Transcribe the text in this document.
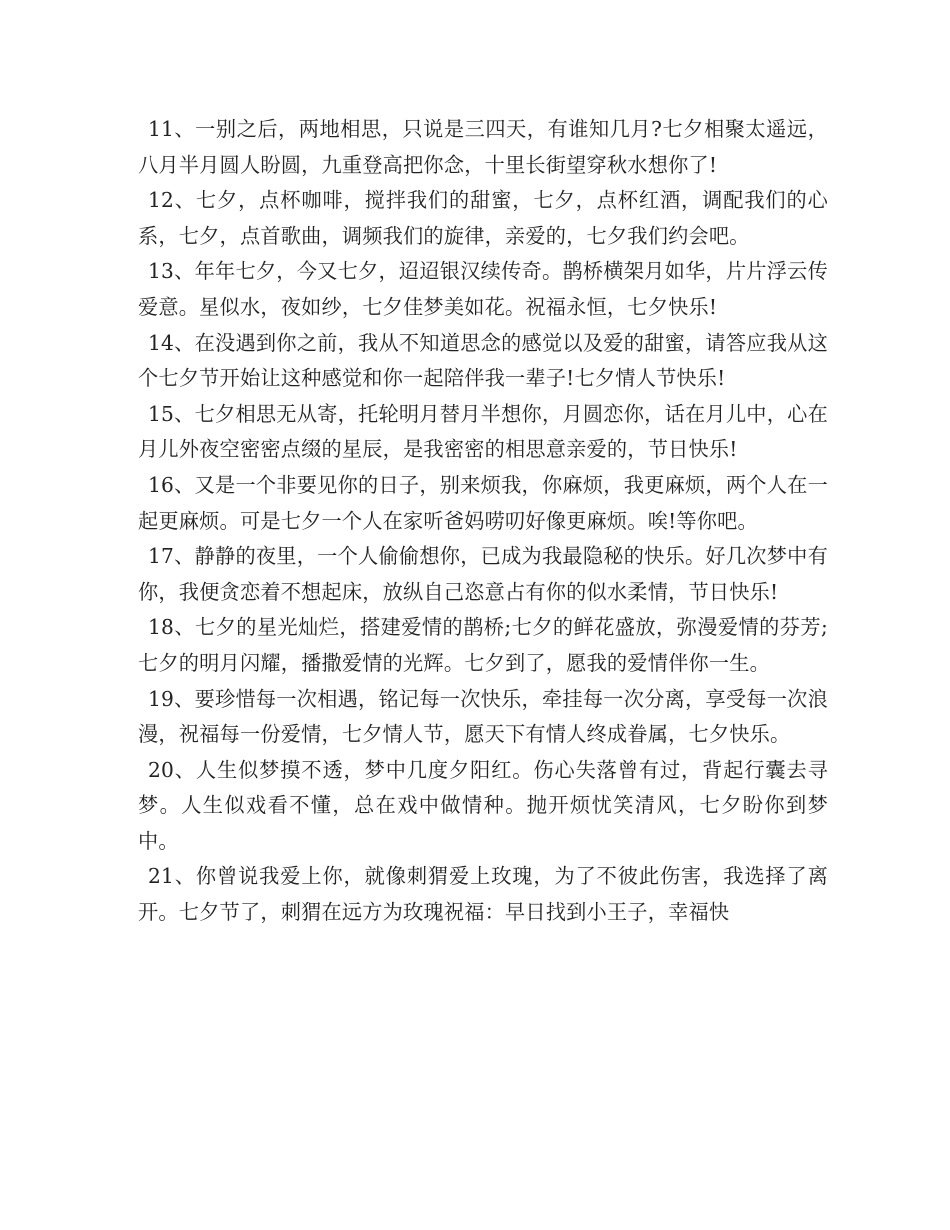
11、一别之后，两地相思，只说是三四天，有谁知几月?七夕相聚太遥远，八月半月圆人盼圆，九重登高把你念，十里长街望穿秋水想你了!

12、七夕，点杯咖啡，搅拌我们的甜蜜，七夕，点杯红酒，调配我们的心系，七夕，点首歌曲，调频我们的旋律，亲爱的，七夕我们约会吧。

13、年年七夕，今又七夕，迢迢银汉续传奇。鹊桥横架月如华，片片浮云传爱意。星似水，夜如纱，七夕佳梦美如花。祝福永恒，七夕快乐!

14、在没遇到你之前，我从不知道思念的感觉以及爱的甜蜜，请答应我从这个七夕节开始让这种感觉和你一起陪伴我一辈子!七夕情人节快乐!

15、七夕相思无从寄，托轮明月替月半想你，月圆恋你，话在月儿中，心在月儿外夜空密密点缀的星辰，是我密密的相思意亲爱的，节日快乐!

16、又是一个非要见你的日子，别来烦我，你麻烦，我更麻烦，两个人在一起更麻烦。可是七夕一个人在家听爸妈唠叨好像更麻烦。唉!等你吧。

17、静静的夜里，一个人偷偷想你，已成为我最隐秘的快乐。好几次梦中有你，我便贪恋着不想起床，放纵自己恣意占有你的似水柔情，节日快乐!

18、七夕的星光灿烂，搭建爱情的鹊桥;七夕的鲜花盛放，弥漫爱情的芬芳;七夕的明月闪耀，播撒爱情的光辉。七夕到了，愿我的爱情伴你一生。

19、要珍惜每一次相遇，铭记每一次快乐，牵挂每一次分离，享受每一次浪漫，祝福每一份爱情，七夕情人节，愿天下有情人终成眷属，七夕快乐。

20、人生似梦摸不透，梦中几度夕阳红。伤心失落曾有过，背起行囊去寻梦。人生似戏看不懂，总在戏中做情种。抛开烦忧笑清风，七夕盼你到梦中。

21、你曾说我爱上你，就像刺猬爱上玫瑰，为了不彼此伤害，我选择了离开。七夕节了，刺猬在远方为玫瑰祝福：早日找到小王子，幸福快
